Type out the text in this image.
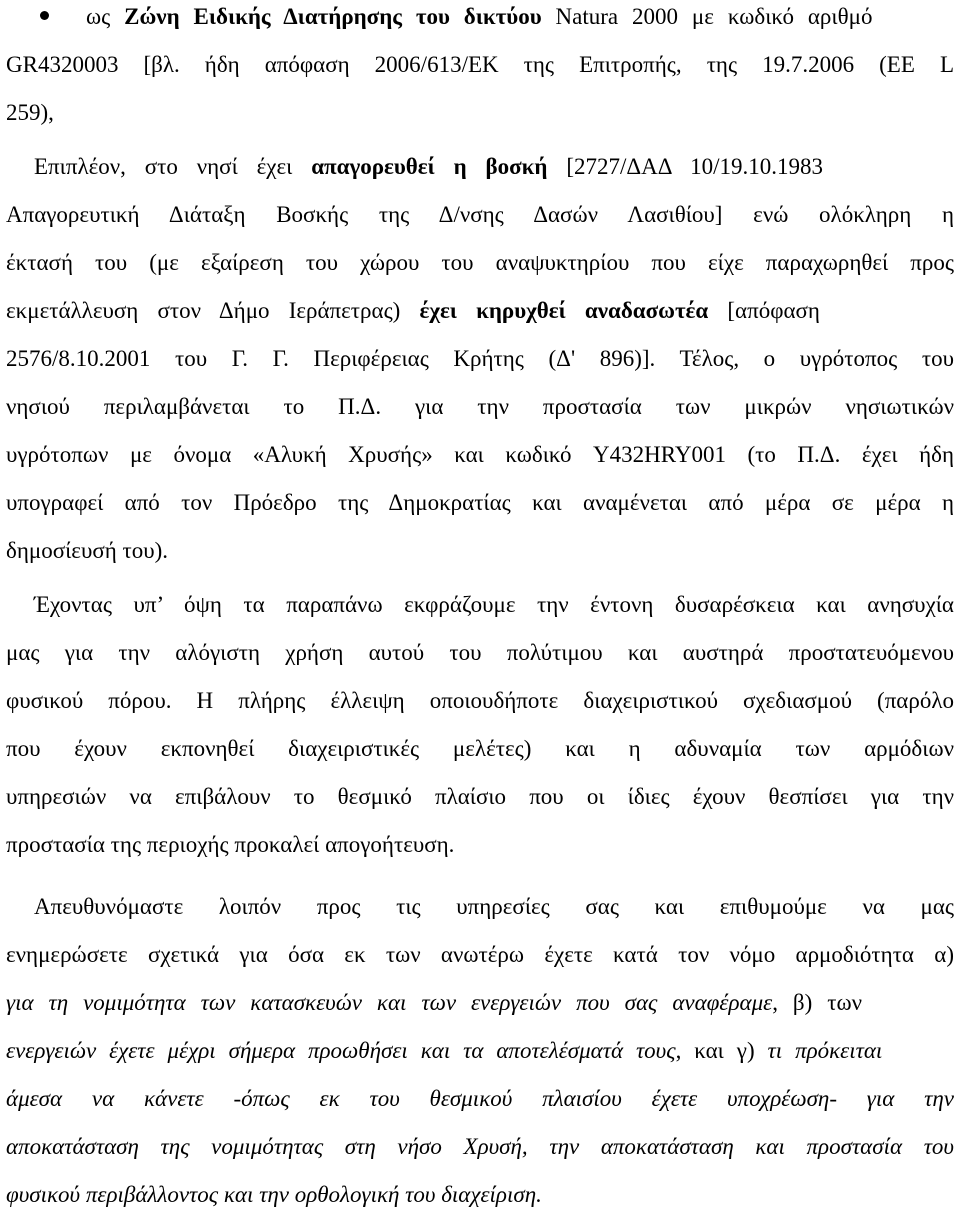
ως Ζώνη Ειδικής Διατήρησης του δικτύου Natura 2000 με κωδικό αριθμό
GR4320003 [βλ. ήδη απόφαση 2006/613/ΕΚ της Επιτροπής, της 19.7.2006 (ΕΕ L
259),
Επιπλέον, στο νησί έχει απαγορευθεί η βοσκή [2727/ΔΑΔ 10/19.10.1983
Απαγορευτική Διάταξη Βοσκής της Δ/νσης Δασών Λασιθίου] ενώ ολόκληρη η
έκτασή του (με εξαίρεση του χώρου του αναψυκτηρίου που είχε παραχωρηθεί προς
εκμετάλλευση στον Δήμο Ιεράπετρας) έχει κηρυχθεί αναδασωτέα [απόφαση
2576/8.10.2001 του Γ. Γ. Περιφέρειας Κρήτης (Δ' 896)]. Τέλος, ο υγρότοπος του
νησιού περιλαμβάνεται το Π.Δ. για την προστασία των μικρών νησιωτικών
υγρότοπων με όνομα «Αλυκή Χρυσής» και κωδικό Y432HRY001 (το Π.Δ. έχει ήδη
υπογραφεί από τον Πρόεδρο της Δημοκρατίας και αναμένεται από μέρα σε μέρα η
δημοσίευσή του).
Έχοντας υπ’ όψη τα παραπάνω εκφράζουμε την έντονη δυσαρέσκεια και ανησυχία
μας για την αλόγιστη χρήση αυτού του πολύτιμου και αυστηρά προστατευόμενου
φυσικού πόρου. Η πλήρης έλλειψη οποιουδήποτε διαχειριστικού σχεδιασμού (παρόλο
που έχουν εκπονηθεί διαχειριστικές μελέτες) και η αδυναμία των αρμόδιων
υπηρεσιών να επιβάλουν το θεσμικό πλαίσιο που οι ίδιες έχουν θεσπίσει για την
προστασία της περιοχής προκαλεί απογοήτευση.
Απευθυνόμαστε λοιπόν προς τις υπηρεσίες σας και επιθυμούμε να μας
ενημερώσετε σχετικά για όσα εκ των ανωτέρω έχετε κατά τον νόμο αρμοδιότητα α)
για τη νομιμότητα των κατασκευών και των ενεργειών που σας αναφέραμε, β) των
ενεργειών έχετε μέχρι σήμερα προωθήσει και τα αποτελέσματά τους, και γ) τι πρόκειται
άμεσα να κάνετε -όπως εκ του θεσμικού πλαισίου έχετε υποχρέωση- για την
αποκατάσταση της νομιμότητας στη νήσο Χρυσή, την αποκατάσταση και προστασία του
φυσικού περιβάλλοντος και την ορθολογική του διαχείριση.
